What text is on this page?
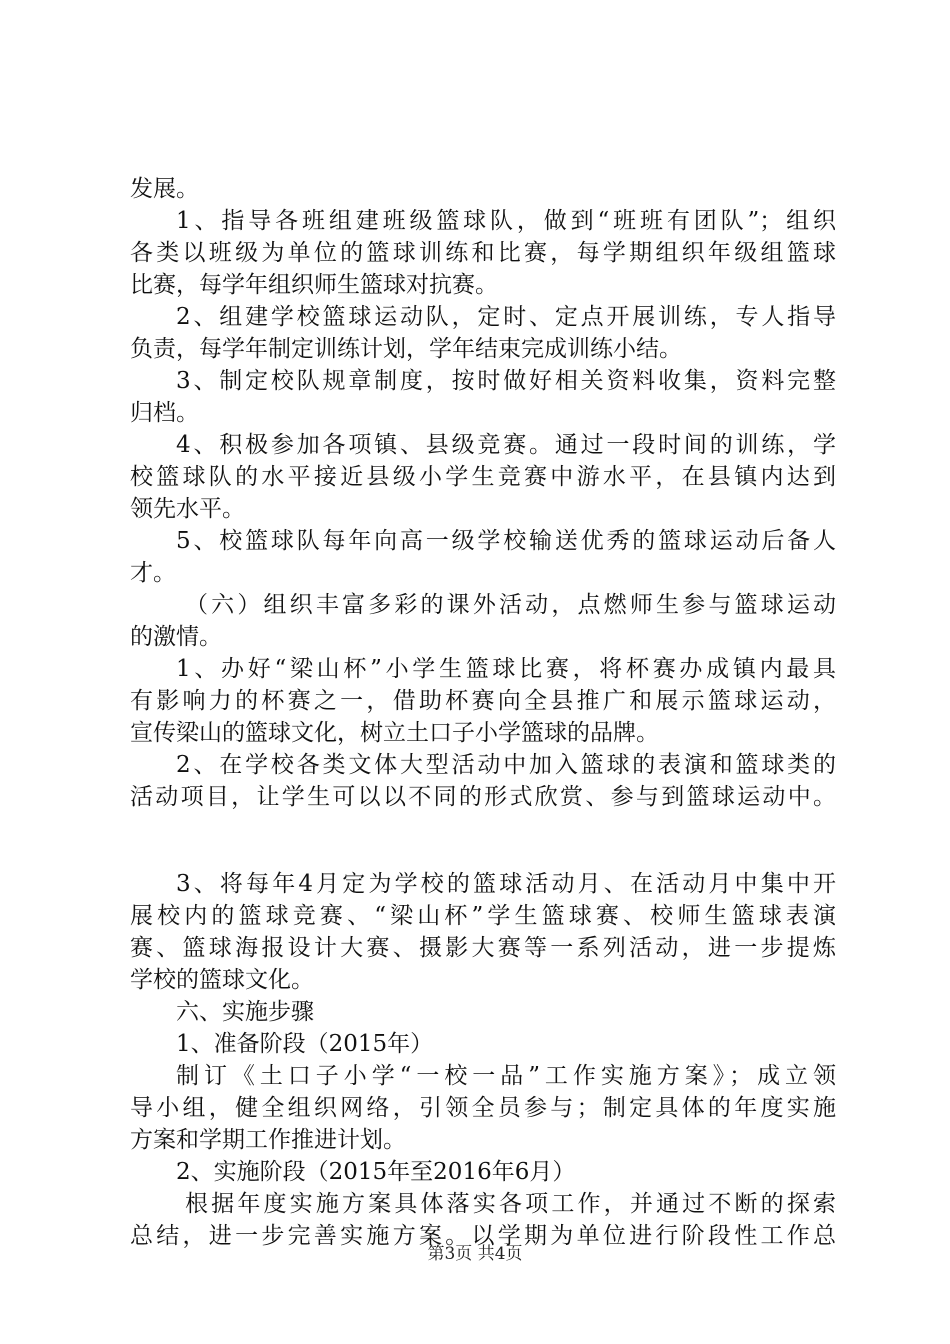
发展。
1、指导各班组建班级篮球队，做到“班班有团队”；组织
各类以班级为单位的篮球训练和比赛，每学期组织年级组篮球
比赛，每学年组织师生篮球对抗赛。
2、组建学校篮球运动队，定时、定点开展训练，专人指导
负责，每学年制定训练计划，学年结束完成训练小结。
3、制定校队规章制度，按时做好相关资料收集，资料完整
归档。
4、积极参加各项镇、县级竞赛。通过一段时间的训练，学
校篮球队的水平接近县级小学生竞赛中游水平，在县镇内达到
领先水平。
5、校篮球队每年向高一级学校输送优秀的篮球运动后备人
才。
（六）组织丰富多彩的课外活动，点燃师生参与篮球运动
的激情。
1、办好“梁山杯”小学生篮球比赛，将杯赛办成镇内最具
有影响力的杯赛之一，借助杯赛向全县推广和展示篮球运动，
宣传梁山的篮球文化，树立土口子小学篮球的品牌。
2、在学校各类文体大型活动中加入篮球的表演和篮球类的
活动项目，让学生可以以不同的形式欣赏、参与到篮球运动中。
3、将每年4月定为学校的篮球活动月、在活动月中集中开
展校内的篮球竞赛、“梁山杯”学生篮球赛、校师生篮球表演
赛、篮球海报设计大赛、摄影大赛等一系列活动，进一步提炼
学校的篮球文化。
六、实施步骤
1、准备阶段（2015年）
制订《土口子小学“一校一品”工作实施方案》；成立领
导小组，健全组织网络，引领全员参与；制定具体的年度实施
方案和学期工作推进计划。
2、实施阶段（2015年至2016年6月）
根据年度实施方案具体落实各项工作，并通过不断的探索
总结，进一步完善实施方案。以学期为单位进行阶段性工作总
第3页 共4页
